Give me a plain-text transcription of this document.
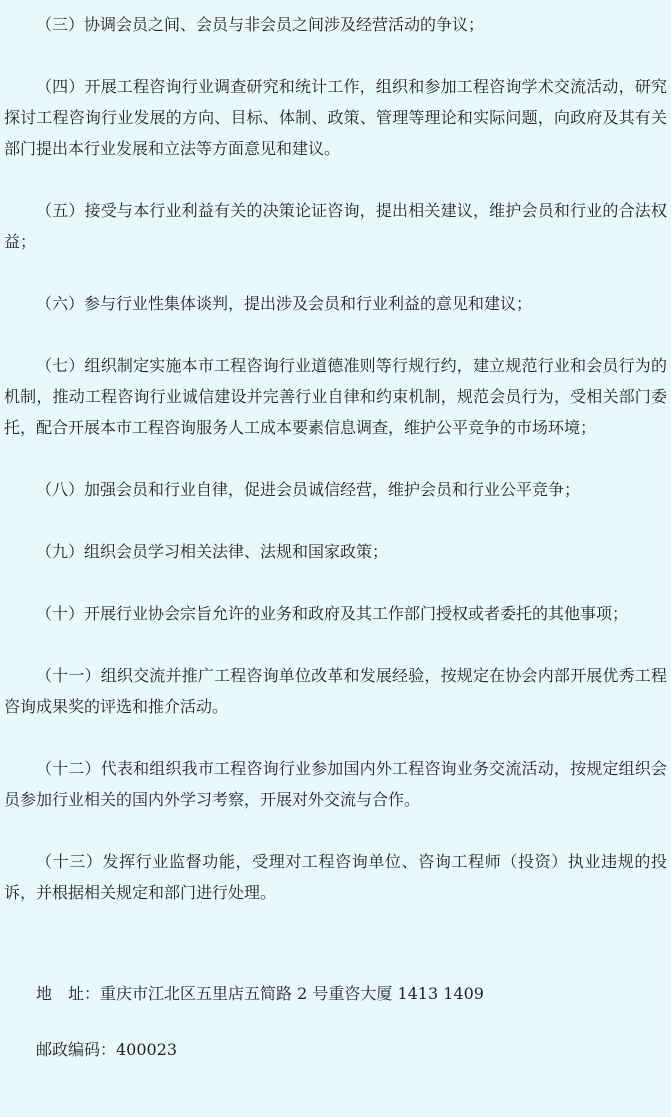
（三）协调会员之间、会员与非会员之间涉及经营活动的争议；

（四）开展工程咨询行业调查研究和统计工作，组织和参加工程咨询学术交流活动，研究探讨工程咨询行业发展的方向、目标、体制、政策、管理等理论和实际问题，向政府及其有关部门提出本行业发展和立法等方面意见和建议。

（五）接受与本行业利益有关的决策论证咨询，提出相关建议，维护会员和行业的合法权益；

（六）参与行业性集体谈判，提出涉及会员和行业利益的意见和建议；

（七）组织制定实施本市工程咨询行业道德准则等行规行约，建立规范行业和会员行为的机制，推动工程咨询行业诚信建设并完善行业自律和约束机制，规范会员行为，受相关部门委托，配合开展本市工程咨询服务人工成本要素信息调查，维护公平竞争的市场环境；

（八）加强会员和行业自律，促进会员诚信经营，维护会员和行业公平竞争；

（九）组织会员学习相关法律、法规和国家政策；

（十）开展行业协会宗旨允许的业务和政府及其工作部门授权或者委托的其他事项；

（十一）组织交流并推广工程咨询单位改革和发展经验，按规定在协会内部开展优秀工程咨询成果奖的评选和推介活动。

（十二）代表和组织我市工程咨询行业参加国内外工程咨询业务交流活动，按规定组织会员参加行业相关的国内外学习考察，开展对外交流与合作。

（十三）发挥行业监督功能，受理对工程咨询单位、咨询工程师（投资）执业违规的投诉，并根据相关规定和部门进行处理。

地　址：重庆市江北区五里店五简路 2 号重咨大厦 1413 1409

邮政编码：400023
